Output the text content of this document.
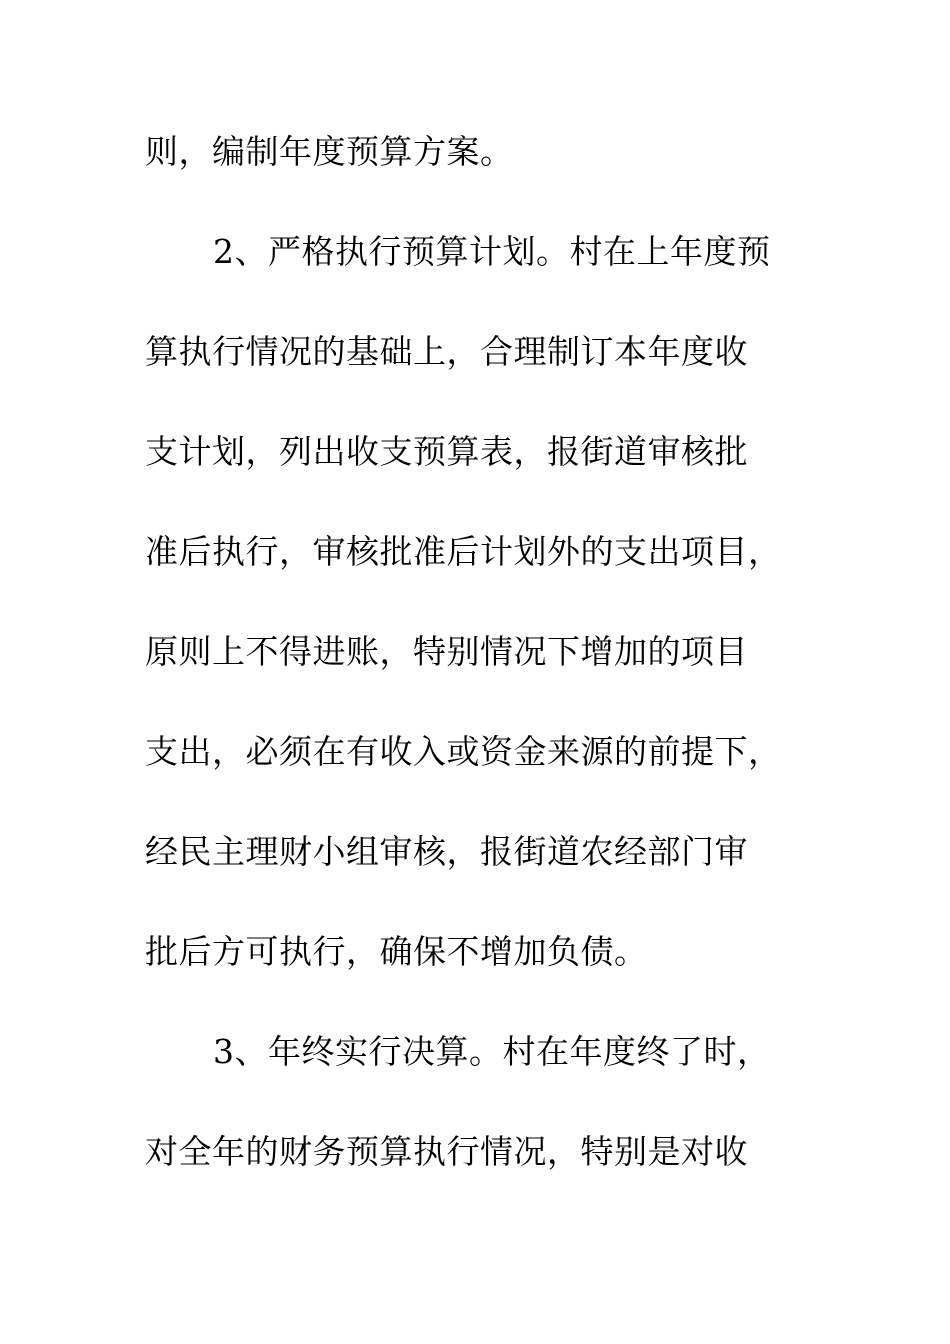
则，编制年度预算方案。
2、严格执行预算计划。村在上年度预
算执行情况的基础上，合理制订本年度收
支计划，列出收支预算表，报街道审核批
准后执行，审核批准后计划外的支出项目，
原则上不得进账，特别情况下增加的项目
支出，必须在有收入或资金来源的前提下，
经民主理财小组审核，报街道农经部门审
批后方可执行，确保不增加负债。
3、年终实行决算。村在年度终了时，
对全年的财务预算执行情况，特别是对收
